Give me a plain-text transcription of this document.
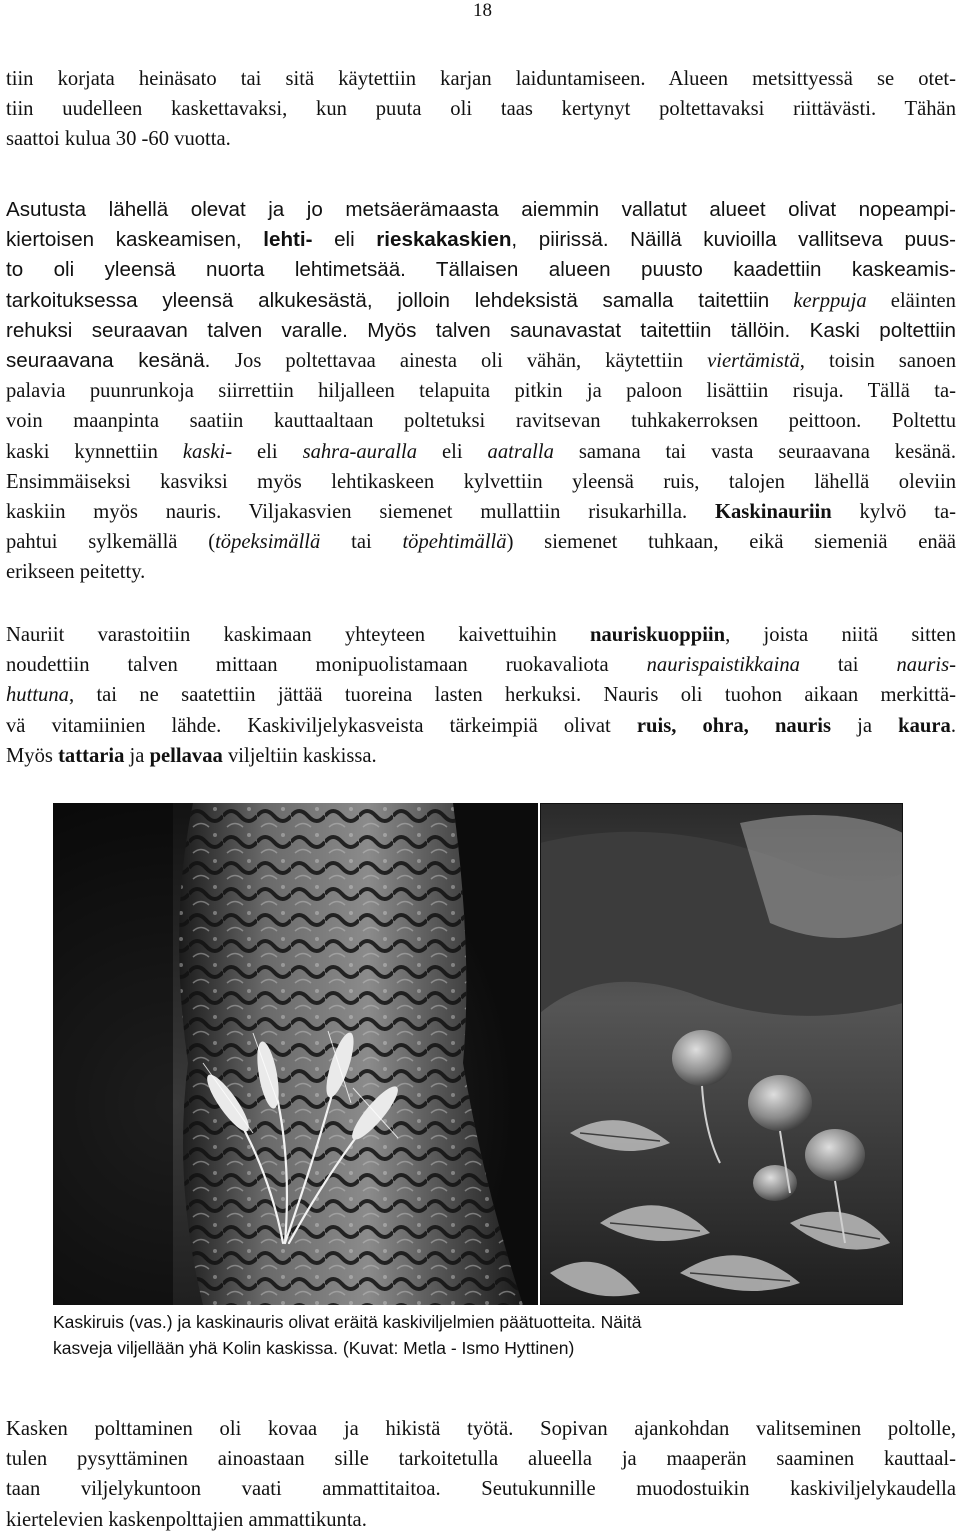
18
tiin korjata heinäsato tai sitä käytettiin karjan laiduntamiseen. Alueen metsittyessä se otet-
tiin uudelleen kaskettavaksi, kun puuta oli taas kertynyt poltettavaksi riittävästi. Tähän
saattoi kulua 30 -60 vuotta.
Asutusta lähellä olevat ja jo metsäerämaasta aiemmin vallatut alueet olivat nopeampi-
kiertoisen kaskeamisen, lehti- eli rieskakaskien, piirissä. Näillä kuvioilla vallitseva puus-
to oli yleensä nuorta lehtimetsää. Tällaisen alueen puusto kaadettiin kaskeamis-
tarkoituksessa yleensä alkukesästä, jolloin lehdeksistä samalla taitettiin kerppuja eläinten
rehuksi seuraavan talven varalle. Myös talven saunavastat taitettiin tällöin. Kaski poltettiin
seuraavana kesänä. Jos poltettavaa ainesta oli vähän, käytettiin viertämistä, toisin sanoen
palavia puunrunkoja siirrettiin hiljalleen telapuita pitkin ja paloon lisättiin risuja. Tällä ta-
voin maanpinta saatiin kauttaaltaan poltetuksi ravitsevan tuhkakerroksen peittoon. Poltettu
kaski kynnettiin kaski- eli sahra-auralla eli aatralla samana tai vasta seuraavana kesänä.
Ensimmäiseksi kasviksi myös lehtikaskeen kylvettiin yleensä ruis, talojen lähellä oleviin
kaskiin myös nauris. Viljakasvien siemenet mullattiin risukarhilla. Kaskinauriin kylvö ta-
pahtui sylkemällä (töpeksimällä tai töpehtimällä) siemenet tuhkaan, eikä siemeniä enää
erikseen peitetty.
Nauriit varastoitiin kaskimaan yhteyteen kaivettuihin nauriskuoppiin, joista niitä sitten
noudettiin talven mittaan monipuolistamaan ruokavaliota naurispaistikkaina tai nauris-
huttuna, tai ne saatettiin jättää tuoreina lasten herkuksi. Nauris oli tuohon aikaan merkittä-
vä vitamiinien lähde. Kaskiviljelykasveista tärkeimpiä olivat ruis, ohra, nauris ja kaura.
Myös tattaria ja pellavaa viljeltiin kaskissa.
Kaskiruis (vas.) ja kaskinauris olivat eräitä kaskiviljelmien päätuotteita. Näitä
kasveja viljellään yhä Kolin kaskissa. (Kuvat: Metla - Ismo Hyttinen)
Kasken polttaminen oli kovaa ja hikistä työtä. Sopivan ajankohdan valitseminen poltolle,
tulen pysyttäminen ainoastaan sille tarkoitetulla alueella ja maaperän saaminen kauttaal-
taan viljelykuntoon vaati ammattitaitoa. Seutukunnille muodostuikin kaskiviljelykaudella
kiertelevien kaskenpolttajien ammattikunta.
